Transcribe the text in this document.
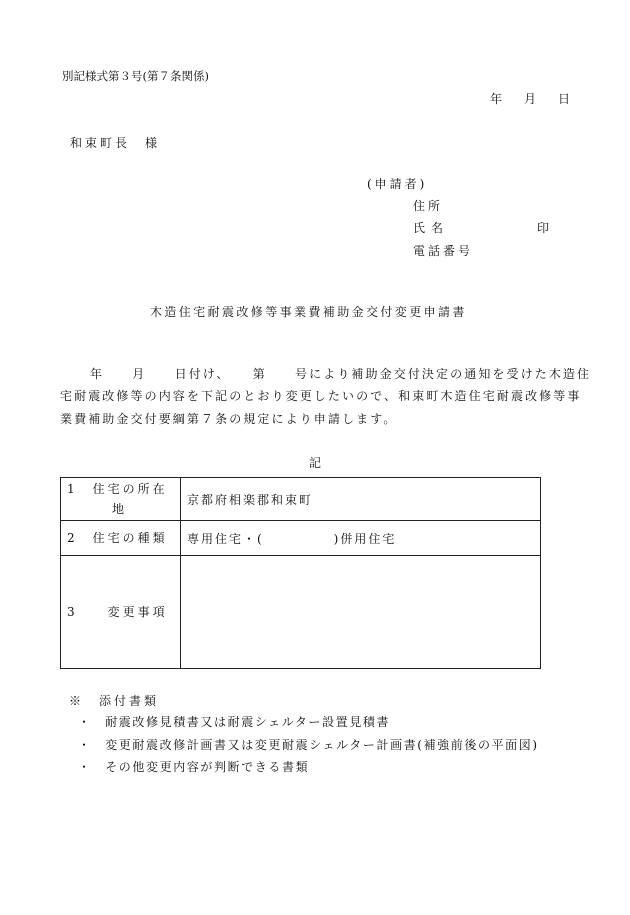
別記様式第３号(第７条関係)
年 月 日
和束町長　様
(申請者)
住所
氏名	印
電話番号
木造住宅耐震改修等事業費補助金交付変更申請書
年　　月　　日付け、　　第　　号により補助金交付決定の通知を受けた木造住
宅耐震改修等の内容を下記のとおり変更したいので、和束町木造住宅耐震改修等事
業費補助金交付要綱第７条の規定により申請します。
記
1　住宅の所在
地	京都府相楽郡和束町
2　住宅の種類	専用住宅・(　　　　　)併用住宅
3　　変更事項	
※　添付書類
・　耐震改修見積書又は耐震シェルター設置見積書
・　変更耐震改修計画書又は変更耐震シェルター計画書(補強前後の平面図)
・　その他変更内容が判断できる書類
